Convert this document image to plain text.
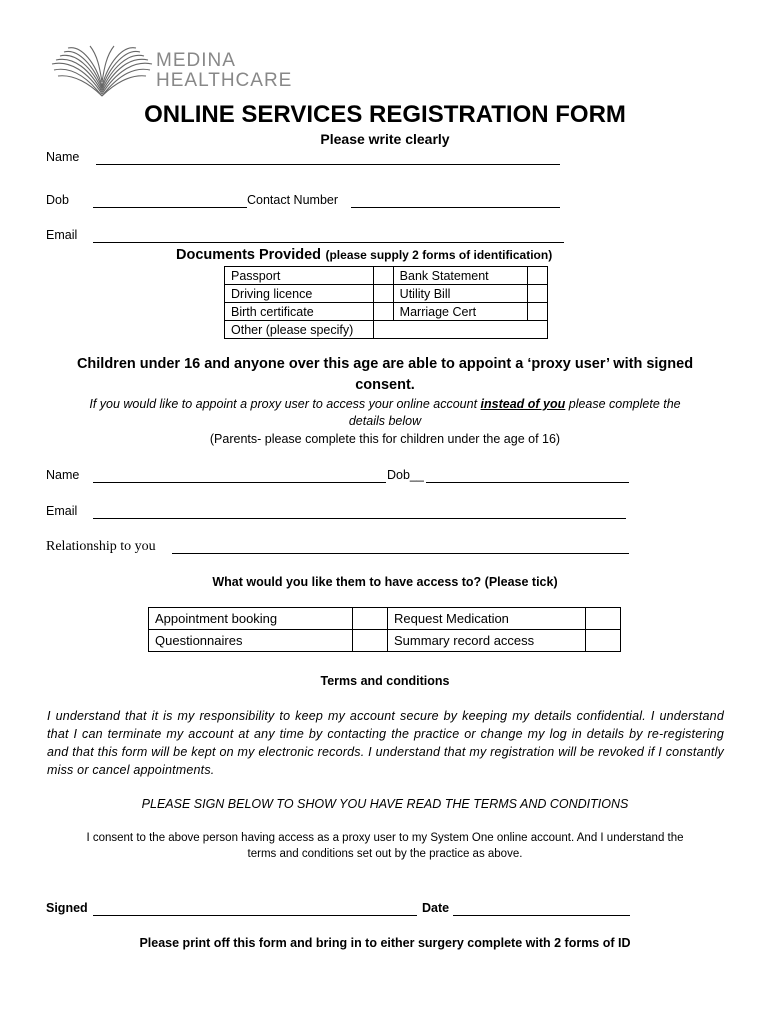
MEDINA
HEALTHCARE
ONLINE SERVICES REGISTRATION FORM
Please write clearly
Name
Dob	Contact Number
Email
Documents Provided (please supply 2 forms of identification)
Passport		Bank Statement	
Driving licence		Utility Bill	
Birth certificate		Marriage Cert	
Other (please specify)			
Children under 16 and anyone over this age are able to appoint a ‘proxy user’ with signed
consent.
If you would like to appoint a proxy user to access your online account instead of you please complete the
details below
(Parents- please complete this for children under the age of 16)
Name	Dob__
Email
Relationship to you
What would you like them to have access to? (Please tick)
Appointment booking		Request Medication	
Questionnaires		Summary record access	
Terms and conditions
I understand that it is my responsibility to keep my account secure by keeping my details confidential. I understand that I can terminate my account at any time by contacting the practice or change my log in details by re-registering and that this form will be kept on my electronic records. I understand that my registration will be revoked if I constantly miss or cancel appointments.
PLEASE SIGN BELOW TO SHOW YOU HAVE READ THE TERMS AND CONDITIONS
I consent to the above person having access as a proxy user to my System One online account. And I understand the
terms and conditions set out by the practice as above.
Signed	Date
Please print off this form and bring in to either surgery complete with 2 forms of ID
